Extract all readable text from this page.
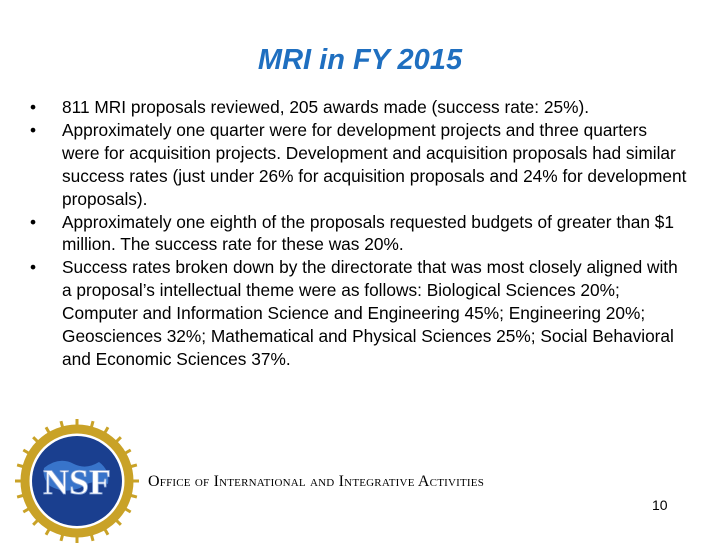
MRI in FY 2015
• 811 MRI proposals reviewed, 205 awards made (success rate: 25%).
• Approximately one quarter were for development projects and three quarters were for acquisition projects. Development and acquisition proposals had similar success rates (just under 26% for acquisition proposals and 24% for development proposals).
• Approximately one eighth of the proposals requested budgets of greater than $1 million. The success rate for these was 20%.
• Success rates broken down by the directorate that was most closely aligned with a proposal’s intellectual theme were as follows: Biological Sciences 20%; Computer and Information Science and Engineering 45%; Engineering 20%; Geosciences 32%; Mathematical and Physical Sciences 25%; Social Behavioral and Economic Sciences 37%.
NSF Office of International and Integrative Activities
10
